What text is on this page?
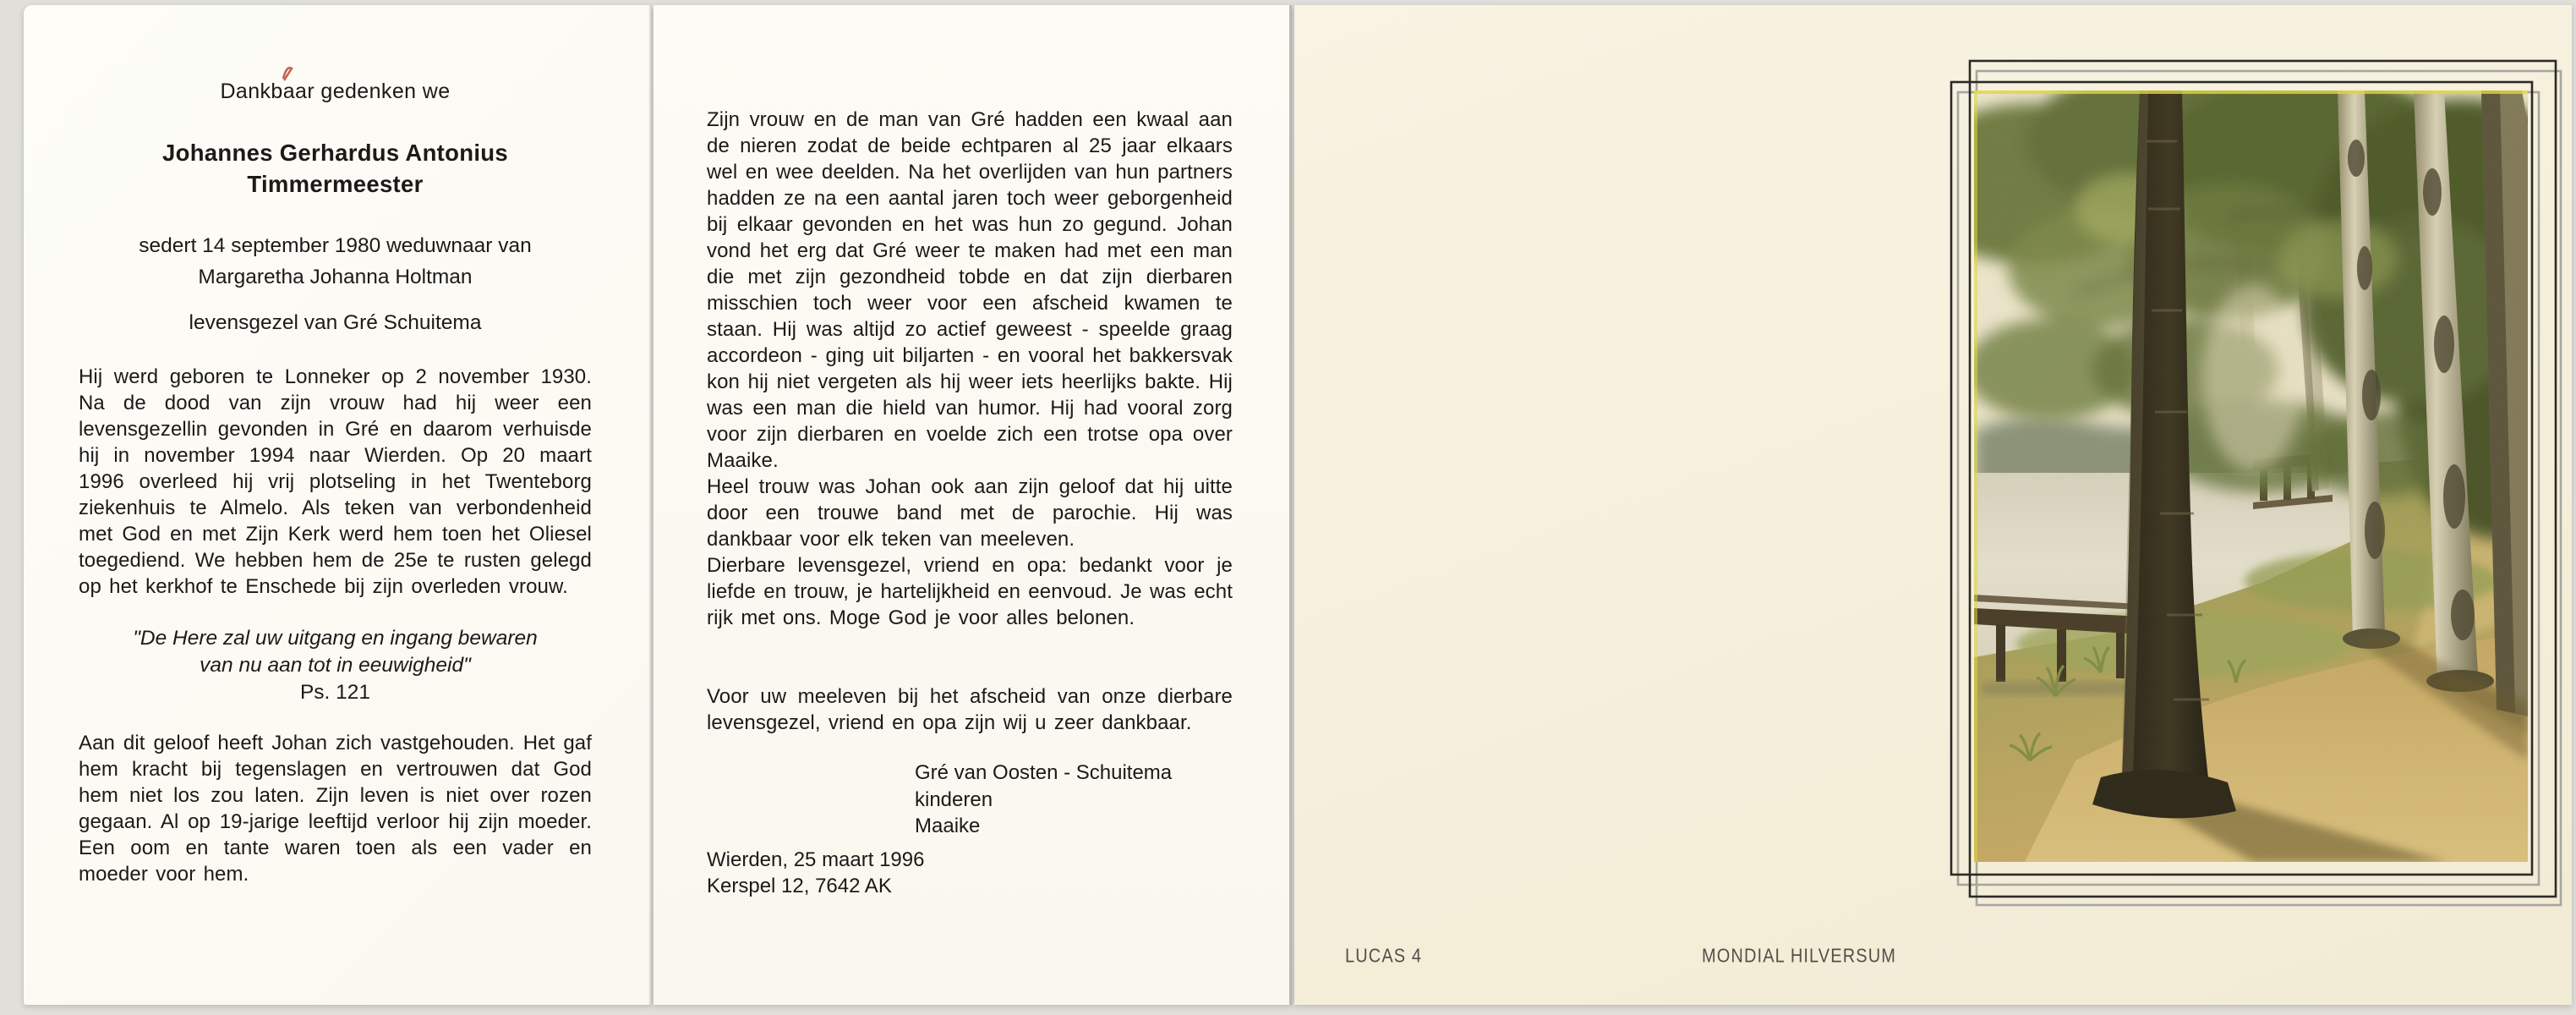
Dankbaar gedenken we

Johannes Gerhardus Antonius
Timmermeester
sedert 14 september 1980 weduwnaar van
Margaretha Johanna Holtman

levensgezel van Gré Schuitema

Hij werd geboren te Lonneker op 2 november 1930. Na de dood van zijn vrouw had hij weer een levensgezellin gevonden in Gré en daarom verhuisde hij in november 1994 naar Wierden. Op 20 maart 1996 overleed hij vrij plotseling in het Twenteborg ziekenhuis te Almelo. Als teken van verbondenheid met God en met Zijn Kerk werd hem toen het Oliesel toegediend. We hebben hem de 25e te rusten gelegd op het kerkhof te Enschede bij zijn overleden vrouw.

"De Here zal uw uitgang en ingang bewaren
van nu aan tot in eeuwigheid"
Ps. 121

Aan dit geloof heeft Johan zich vastgehouden. Het gaf hem kracht bij tegenslagen en vertrouwen dat God hem niet los zou laten. Zijn leven is niet over rozen gegaan. Al op 19-jarige leeftijd verloor hij zijn moeder. Een oom en tante waren toen als een vader en moeder voor hem.

Zijn vrouw en de man van Gré hadden een kwaal aan de nieren zodat de beide echtparen al 25 jaar elkaars wel en wee deelden. Na het overlijden van hun partners hadden ze na een aantal jaren toch weer geborgenheid bij elkaar gevonden en het was hun zo gegund. Johan vond het erg dat Gré weer te maken had met een man die met zijn gezondheid tobde en dat zijn dierbaren misschien toch weer voor een afscheid kwamen te staan. Hij was altijd zo actief geweest - speelde graag accordeon - ging uit biljarten - en vooral het bakkersvak kon hij niet vergeten als hij weer iets heerlijks bakte. Hij was een man die hield van humor. Hij had vooral zorg voor zijn dierbaren en voelde zich een trotse opa over Maaike.

Heel trouw was Johan ook aan zijn geloof dat hij uitte door een trouwe band met de parochie. Hij was dankbaar voor elk teken van meeleven.

Dierbare levensgezel, vriend en opa: bedankt voor je liefde en trouw, je hartelijkheid en eenvoud. Je was echt rijk met ons. Moge God je voor alles belonen.

Voor uw meeleven bij het afscheid van onze dierbare levensgezel, vriend en opa zijn wij u zeer dankbaar.

Gré van Oosten - Schuitema
kinderen
Maaike
Wierden, 25 maart 1996
Kerspel 12, 7642 AK
LUCAS 4	MONDIAL HILVERSUM
